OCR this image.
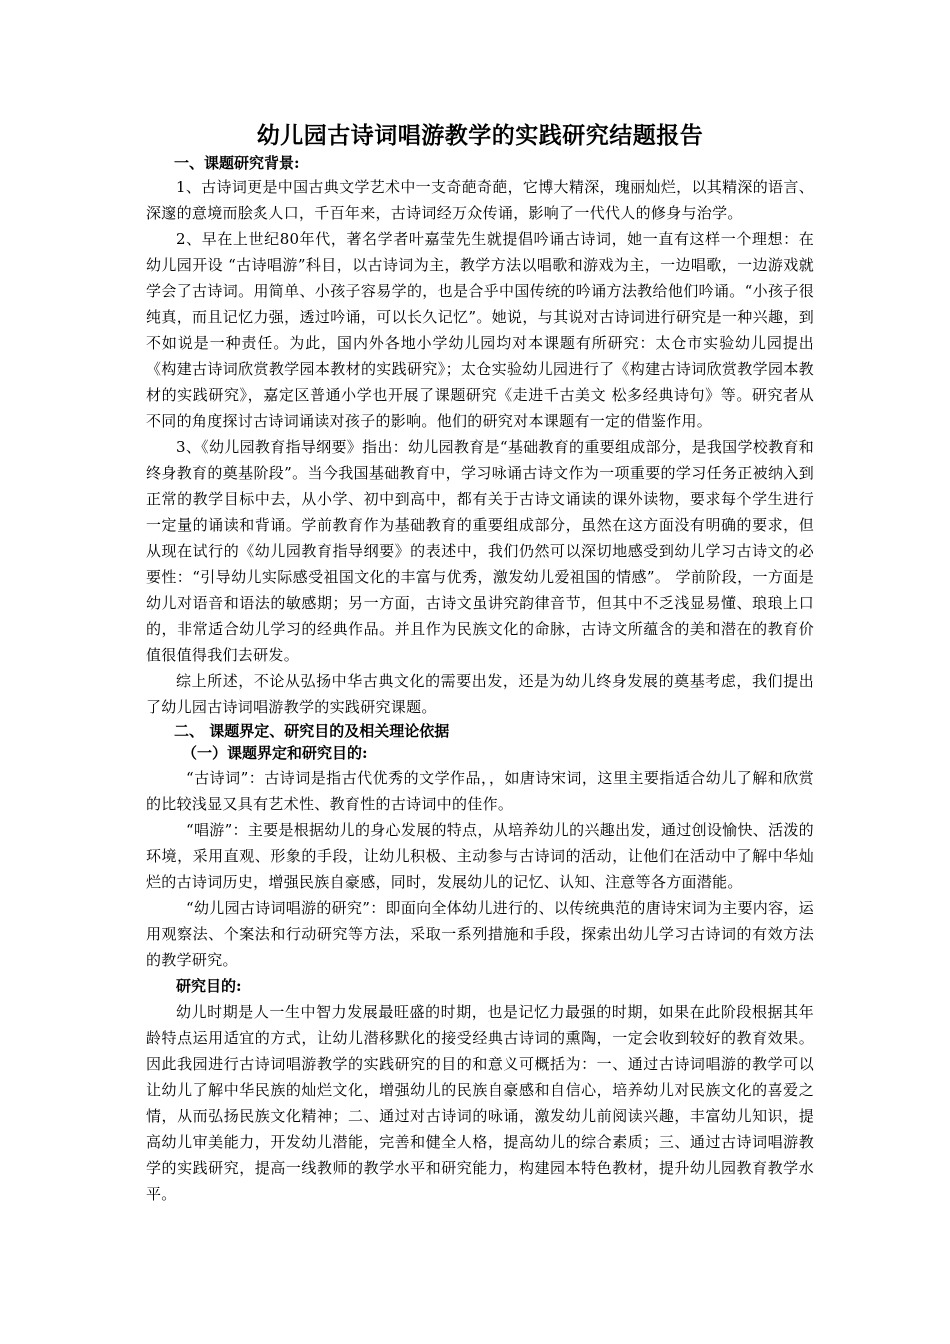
幼儿园古诗词唱游教学的实践研究结题报告

一、课题研究背景:

1、古诗词更是中国古典文学艺术中一支奇葩奇葩，它博大精深，瑰丽灿烂，以其精深的语言、深邃的意境而脍炙人口，千百年来，古诗词经万众传诵，影响了一代代人的修身与治学。

2、早在上世纪80年代，著名学者叶嘉莹先生就提倡吟诵古诗词，她一直有这样一个理想：在幼儿园开设 “古诗唱游”科目，以古诗词为主，教学方法以唱歌和游戏为主，一边唱歌，一边游戏就学会了古诗词。用简单、小孩子容易学的，也是合乎中国传统的吟诵方法教给他们吟诵。“小孩子很纯真，而且记忆力强，透过吟诵，可以长久记忆”。她说，与其说对古诗词进行研究是一种兴趣，到不如说是一种责任。为此，国内外各地小学幼儿园均对本课题有所研究：太仓市实验幼儿园提出《构建古诗词欣赏教学园本教材的实践研究》；太仓实验幼儿园进行了《构建古诗词欣赏教学园本教材的实践研究》，嘉定区普通小学也开展了课题研究《走进千古美文 松多经典诗句》等。研究者从不同的角度探讨古诗词诵读对孩子的影响。他们的研究对本课题有一定的借鉴作用。

3、《幼儿园教育指导纲要》指出：幼儿园教育是“基础教育的重要组成部分，是我国学校教育和终身教育的奠基阶段”。当今我国基础教育中，学习咏诵古诗文作为一项重要的学习任务正被纳入到正常的教学目标中去，从小学、初中到高中，都有关于古诗文诵读的课外读物，要求每个学生进行一定量的诵读和背诵。学前教育作为基础教育的重要组成部分，虽然在这方面没有明确的要求，但从现在试行的《幼儿园教育指导纲要》的表述中，我们仍然可以深切地感受到幼儿学习古诗文的必要性：“引导幼儿实际感受祖国文化的丰富与优秀，激发幼儿爱祖国的情感”。 学前阶段，一方面是幼儿对语音和语法的敏感期；另一方面，古诗文虽讲究韵律音节，但其中不乏浅显易懂、琅琅上口的，非常适合幼儿学习的经典作品。并且作为民族文化的命脉，古诗文所蕴含的美和潜在的教育价值很值得我们去研发。

综上所述，不论从弘扬中华古典文化的需要出发，还是为幼儿终身发展的奠基考虑，我们提出了幼儿园古诗词唱游教学的实践研究课题。

二、 课题界定、研究目的及相关理论依据

（一）课题界定和研究目的:

“古诗词”：古诗词是指古代优秀的文学作品，，如唐诗宋词，这里主要指适合幼儿了解和欣赏的比较浅显又具有艺术性、教育性的古诗词中的佳作。

“唱游”：主要是根据幼儿的身心发展的特点，从培养幼儿的兴趣出发，通过创设愉快、活泼的环境，采用直观、形象的手段，让幼儿积极、主动参与古诗词的活动，让他们在活动中了解中华灿烂的古诗词历史，增强民族自豪感，同时，发展幼儿的记忆、认知、注意等各方面潜能。

“幼儿园古诗词唱游的研究”：即面向全体幼儿进行的、以传统典范的唐诗宋词为主要内容，运用观察法、个案法和行动研究等方法，采取一系列措施和手段，探索出幼儿学习古诗词的有效方法的教学研究。

研究目的:

幼儿时期是人一生中智力发展最旺盛的时期，也是记忆力最强的时期，如果在此阶段根据其年龄特点运用适宜的方式，让幼儿潜移默化的接受经典古诗词的熏陶，一定会收到较好的教育效果。因此我园进行古诗词唱游教学的实践研究的目的和意义可概括为：一、通过古诗词唱游的教学可以让幼儿了解中华民族的灿烂文化，增强幼儿的民族自豪感和自信心，培养幼儿对民族文化的喜爱之情，从而弘扬民族文化精神；二、通过对古诗词的咏诵，激发幼儿前阅读兴趣，丰富幼儿知识，提高幼儿审美能力，开发幼儿潜能，完善和健全人格，提高幼儿的综合素质；三、通过古诗词唱游教学的实践研究，提高一线教师的教学水平和研究能力，构建园本特色教材，提升幼儿园教育教学水平。
